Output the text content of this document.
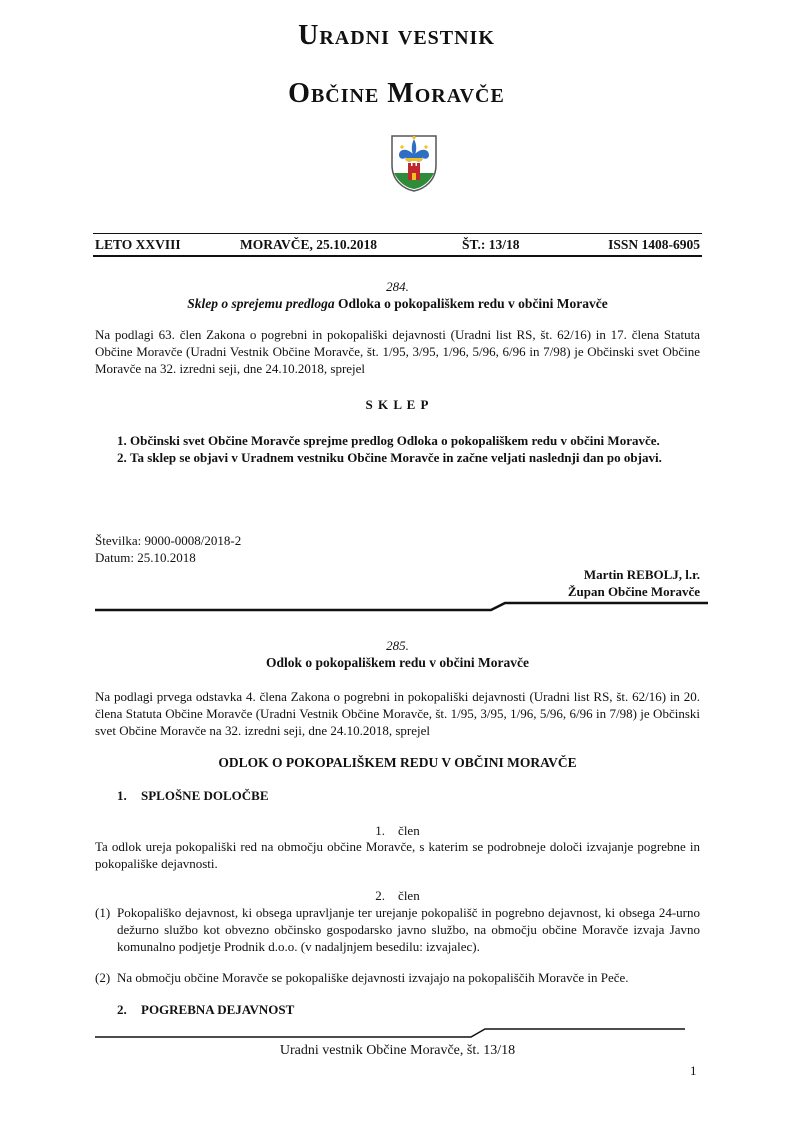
Uradni vestnik
Občine Moravče
LETO XXVIII	MORAVČE, 25.10.2018	ŠT.: 13/18	ISSN 1408-6905
284.
Sklep o sprejemu predloga Odloka o pokopališkem redu v občini Moravče
Na podlagi 63. člen Zakona o pogrebni in pokopališki dejavnosti (Uradni list RS, št. 62/16) in 17. člena Statuta Občine Moravče (Uradni Vestnik Občine Moravče, št. 1/95, 3/95, 1/96, 5/96, 6/96 in 7/98) je Občinski svet Občine Moravče na 32. izredni seji, dne 24.10.2018, sprejel
S K L E P
1. Občinski svet Občine Moravče sprejme predlog Odloka o pokopališkem redu v občini Moravče.
2. Ta sklep se objavi v Uradnem vestniku Občine Moravče in začne veljati naslednji dan po objavi.
Številka: 9000-0008/2018-2
Datum: 25.10.2018
Martin REBOLJ, l.r.
Župan Občine Moravče
285.
Odlok o pokopališkem redu v občini Moravče
Na podlagi prvega odstavka 4. člena Zakona o pogrebni in pokopališki dejavnosti (Uradni list RS, št. 62/16) in 20. člena Statuta Občine Moravče (Uradni Vestnik Občine Moravče, št. 1/95, 3/95, 1/96, 5/96, 6/96 in 7/98) je Občinski svet Občine Moravče na 32. izredni seji, dne 24.10.2018, sprejel
ODLOK O POKOPALIŠKEM REDU V OBČINI MORAVČE
1. SPLOŠNE DOLOČBE
1.    člen
Ta odlok ureja pokopališki red na območju občine Moravče, s katerim se podrobneje določi izvajanje pogrebne in pokopališke dejavnosti.
2.    člen
(1) Pokopališko dejavnost, ki obsega upravljanje ter urejanje pokopališč in pogrebno dejavnost, ki obsega 24-urno dežurno službo kot obvezno občinsko gospodarsko javno službo, na območju občine Moravče izvaja Javno komunalno podjetje Prodnik d.o.o. (v nadaljnjem besedilu: izvajalec).
(2) Na območju občine Moravče se pokopališke dejavnosti izvajajo na pokopališčih Moravče in Peče.
2. POGREBNA DEJAVNOST
Uradni vestnik Občine Moravče, št. 13/18
1
